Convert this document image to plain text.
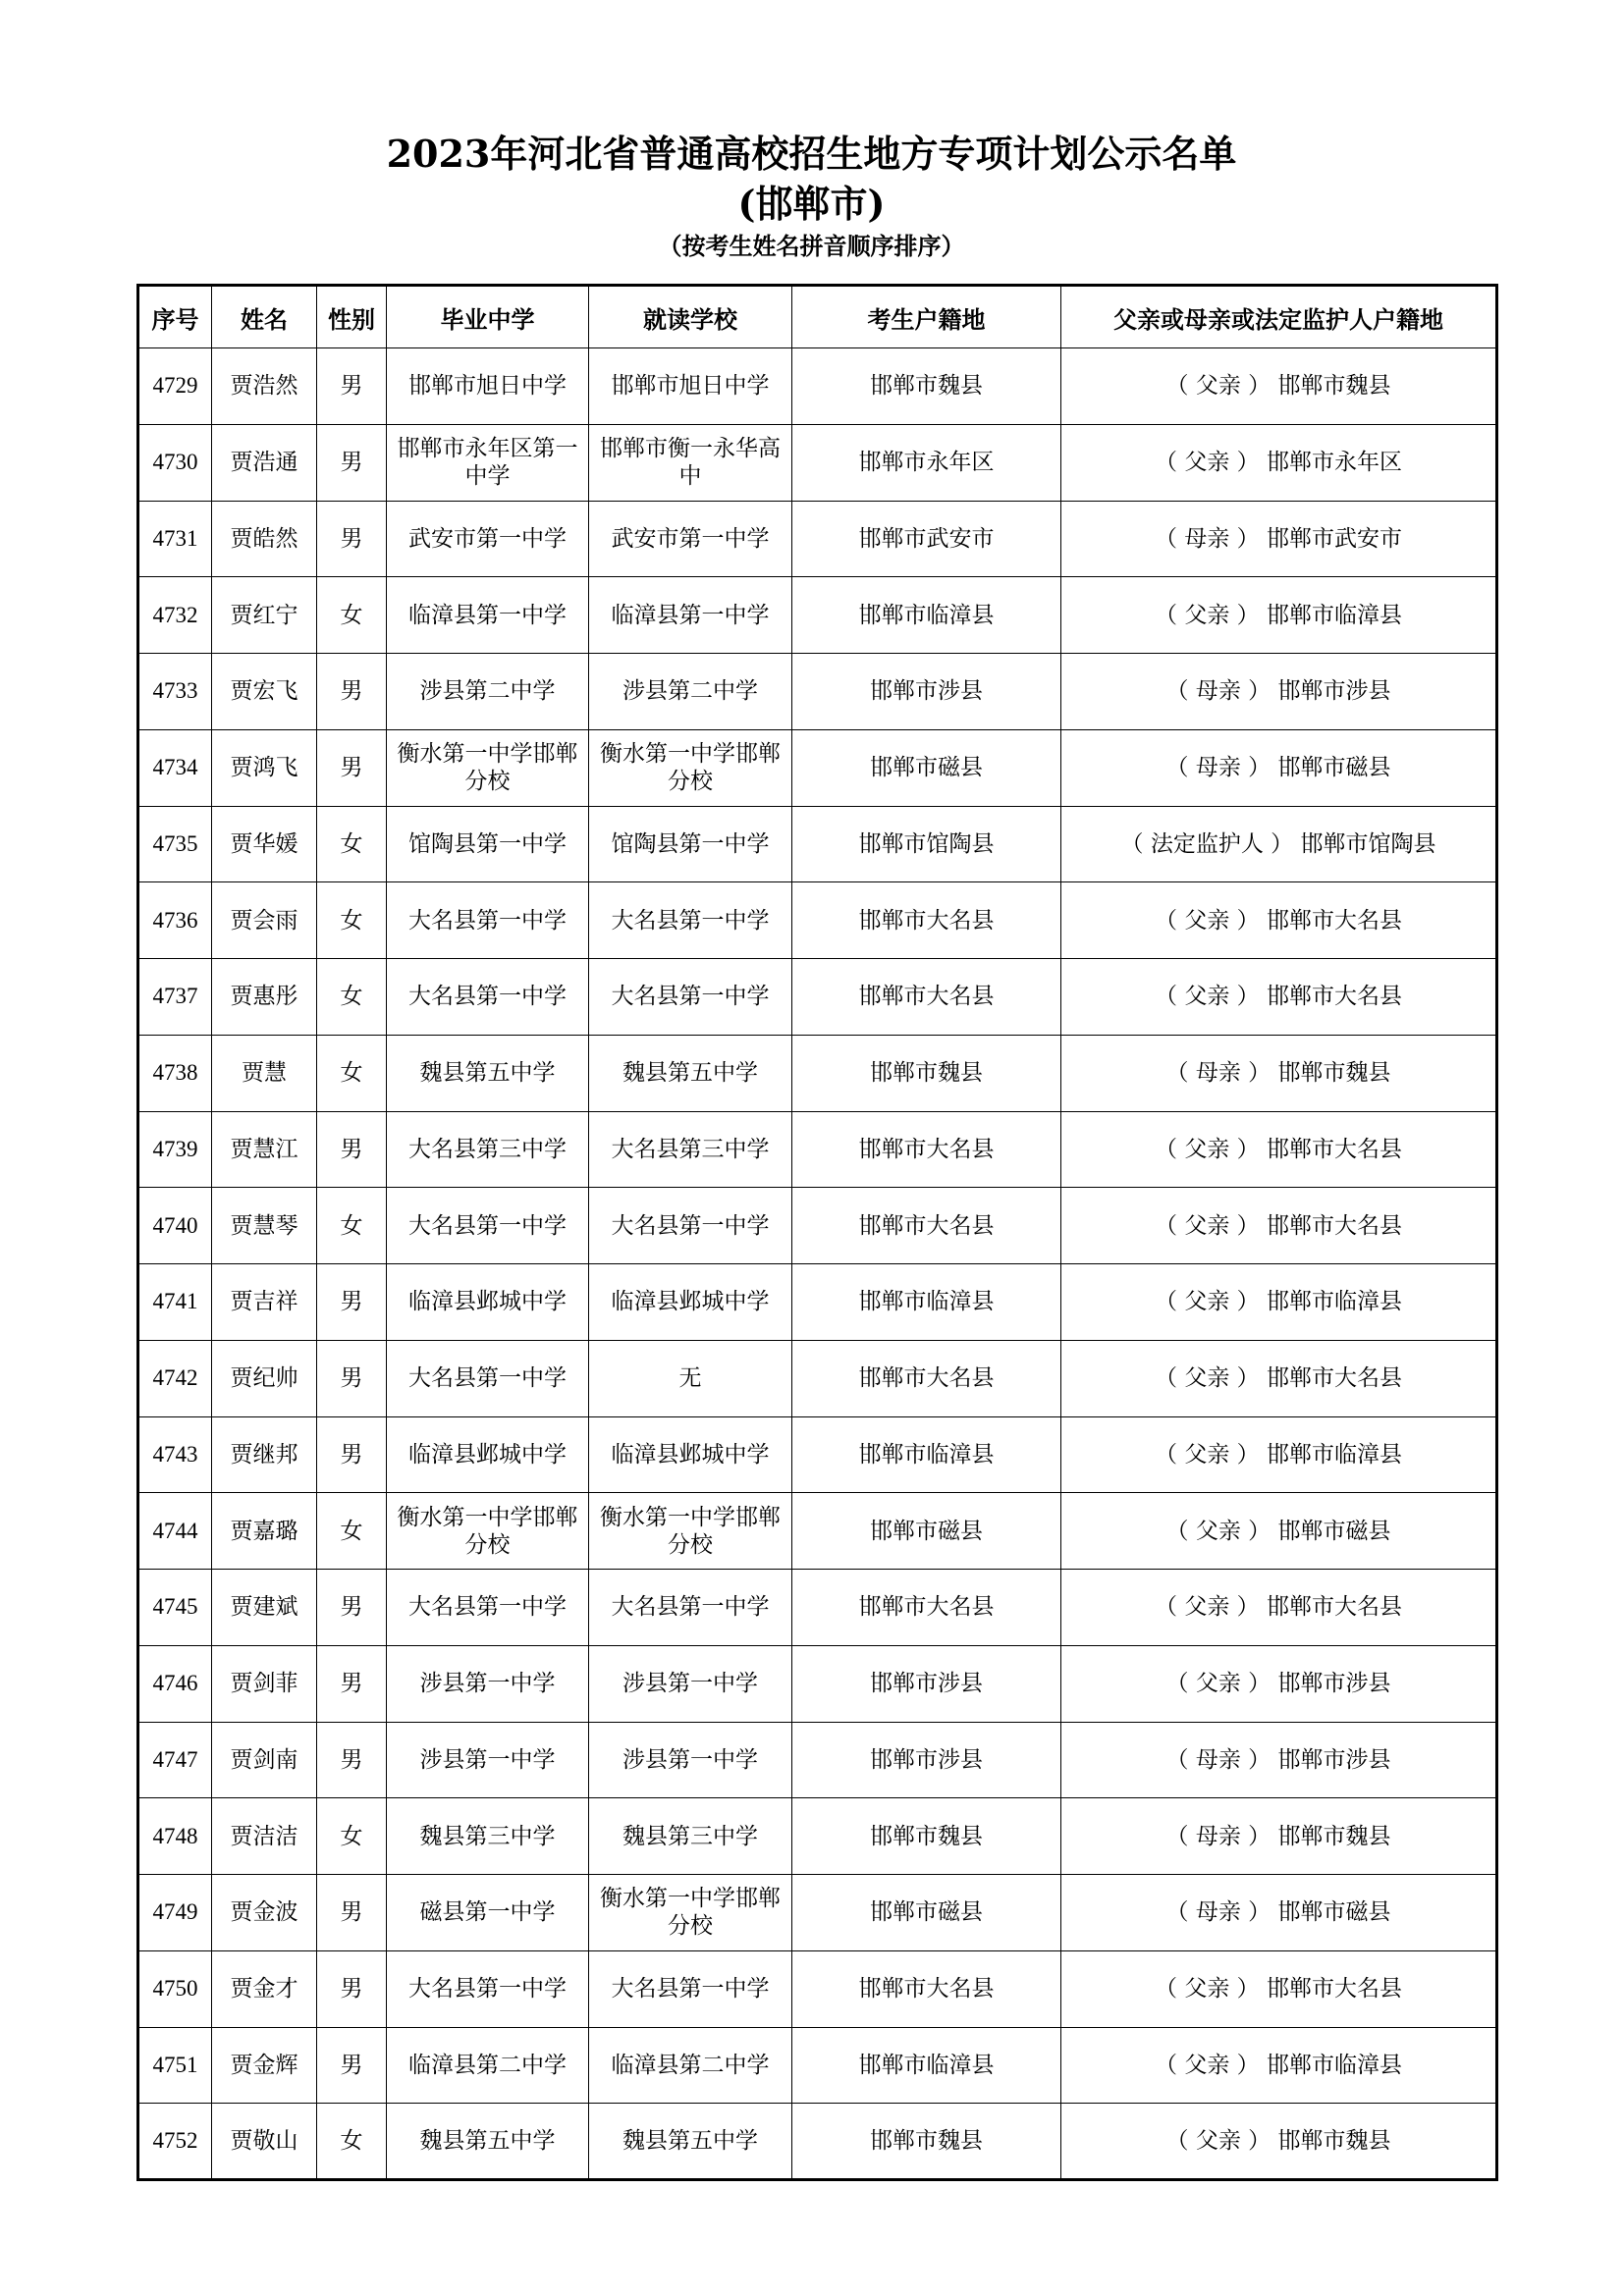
2023年河北省普通高校招生地方专项计划公示名单
(邯郸市)
（按考生姓名拼音顺序排序）
序号	姓名	性别	毕业中学	就读学校	考生户籍地	父亲或母亲或法定监护人户籍地
4729	贾浩然	男	邯郸市旭日中学	邯郸市旭日中学	邯郸市魏县	（ 父亲 ） 邯郸市魏县
4730	贾浩通	男	邯郸市永年区第一中学	邯郸市衡一永华高中	邯郸市永年区	（ 父亲 ） 邯郸市永年区
4731	贾皓然	男	武安市第一中学	武安市第一中学	邯郸市武安市	（ 母亲 ） 邯郸市武安市
4732	贾红宁	女	临漳县第一中学	临漳县第一中学	邯郸市临漳县	（ 父亲 ） 邯郸市临漳县
4733	贾宏飞	男	涉县第二中学	涉县第二中学	邯郸市涉县	（ 母亲 ） 邯郸市涉县
4734	贾鸿飞	男	衡水第一中学邯郸分校	衡水第一中学邯郸分校	邯郸市磁县	（ 母亲 ） 邯郸市磁县
4735	贾华媛	女	馆陶县第一中学	馆陶县第一中学	邯郸市馆陶县	（ 法定监护人 ） 邯郸市馆陶县
4736	贾会雨	女	大名县第一中学	大名县第一中学	邯郸市大名县	（ 父亲 ） 邯郸市大名县
4737	贾惠彤	女	大名县第一中学	大名县第一中学	邯郸市大名县	（ 父亲 ） 邯郸市大名县
4738	贾慧	女	魏县第五中学	魏县第五中学	邯郸市魏县	（ 母亲 ） 邯郸市魏县
4739	贾慧江	男	大名县第三中学	大名县第三中学	邯郸市大名县	（ 父亲 ） 邯郸市大名县
4740	贾慧琴	女	大名县第一中学	大名县第一中学	邯郸市大名县	（ 父亲 ） 邯郸市大名县
4741	贾吉祥	男	临漳县邺城中学	临漳县邺城中学	邯郸市临漳县	（ 父亲 ） 邯郸市临漳县
4742	贾纪帅	男	大名县第一中学	无	邯郸市大名县	（ 父亲 ） 邯郸市大名县
4743	贾继邦	男	临漳县邺城中学	临漳县邺城中学	邯郸市临漳县	（ 父亲 ） 邯郸市临漳县
4744	贾嘉璐	女	衡水第一中学邯郸分校	衡水第一中学邯郸分校	邯郸市磁县	（ 父亲 ） 邯郸市磁县
4745	贾建斌	男	大名县第一中学	大名县第一中学	邯郸市大名县	（ 父亲 ） 邯郸市大名县
4746	贾剑菲	男	涉县第一中学	涉县第一中学	邯郸市涉县	（ 父亲 ） 邯郸市涉县
4747	贾剑南	男	涉县第一中学	涉县第一中学	邯郸市涉县	（ 母亲 ） 邯郸市涉县
4748	贾洁洁	女	魏县第三中学	魏县第三中学	邯郸市魏县	（ 母亲 ） 邯郸市魏县
4749	贾金波	男	磁县第一中学	衡水第一中学邯郸分校	邯郸市磁县	（ 母亲 ） 邯郸市磁县
4750	贾金才	男	大名县第一中学	大名县第一中学	邯郸市大名县	（ 父亲 ） 邯郸市大名县
4751	贾金辉	男	临漳县第二中学	临漳县第二中学	邯郸市临漳县	（ 父亲 ） 邯郸市临漳县
4752	贾敬山	女	魏县第五中学	魏县第五中学	邯郸市魏县	（ 父亲 ） 邯郸市魏县
